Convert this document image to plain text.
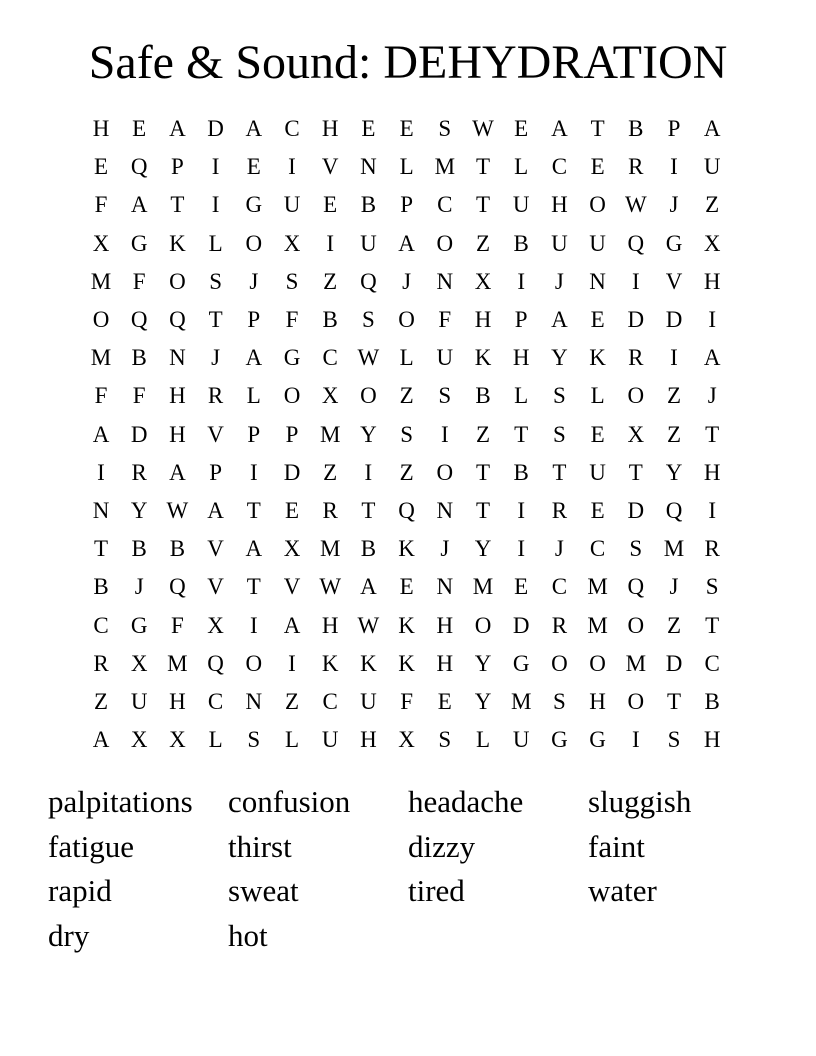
Safe & Sound: DEHYDRATION
H E A D A C H E	E	S W E A T	B	P	A
E Q	P	I	E	I	V N L M T	L	C	E	R	I	U
F	A T	I	G U E	B	P	C	T U H O W J	Z
X G K L O X	I	U A O Z	B U U Q G X
M F	O	S	J	S	Z Q	J	N X	I	J	N	I	V H
O Q Q T	P	F	B	S	O	F	H	P	A E D D	I
M B N	J	A G C W L U K H Y K R	I	A
F	F	H R	L O X O Z	S	B	L	S	L O Z	J
A D H V	P	P M Y	S	I	Z	T	S	E X Z	T
I	R A	P	I	D Z	I	Z O T	B	T U T Y H
N Y W A T	E	R	T Q N T	I	R	E D Q	I
T	B B V A X M B K	J	Y	I	J	C	S M R
B	J	Q V T V W A E N M E	C M Q	J	S
C G	F	X	I	A H W K H O D R M O Z	T
R X M Q O	I	K K K H Y G O O M D C
Z U H C N Z	C U	F	E Y M S	H O T	B
A X X L	S	L U H X	S	L U G G	I	S	H
palpitations confusion headache sluggish
fatigue	thirst	dizzy	faint
rapid	sweat	tired	water
dry	hot
